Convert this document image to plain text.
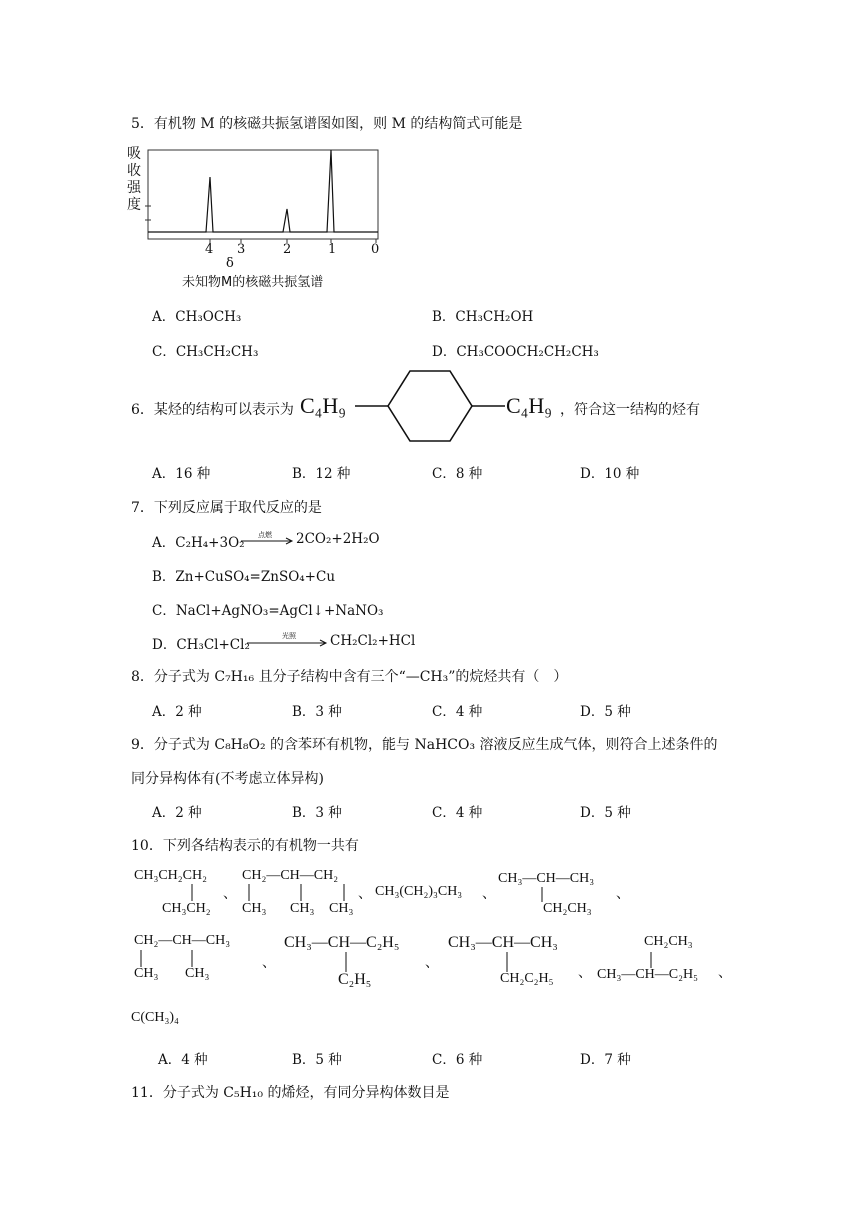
5．有机物 M 的核磁共振氢谱图如图，则 M 的结构简式可能是
吸
收
强
度
4 3	2	1	0
δ
未知物M的核磁共振氢谱
A．CH₃OCH₃	B．CH₃CH₂OH
C．CH₃CH₂CH₃	D．CH₃COOCH₂CH₂CH₃
6．某烃的结构可以表示为 C₄H₉	C₄H₉ ，符合这一结构的烃有
A．16 种	B．12 种	C．8 种	D．10 种
7．下列反应属于取代反应的是
A．C₂H₄+3O₂ 点燃 2CO₂+2H₂O
B．Zn+CuSO₄=ZnSO₄+Cu
C．NaCl+AgNO₃=AgCl↓+NaNO₃
D．CH₃Cl+Cl₂
光照	CH₂Cl₂+HCl
8．分子式为 C₇H₁₆ 且分子结构中含有三个“—CH₃”的烷烃共有（　）
A．2 种	B．3 种	C．4 种	D．5 种
9．分子式为 C₈H₈O₂ 的含苯环有机物，能与 NaHCO₃ 溶液反应生成气体，则符合上述条件的
同分异构体有(不考虑立体异构)
A．2 种	B．3 种	C．4 种	D．5 种
10．下列各结构表示的有机物一共有
CH₃CH₂CH₂
CH₃CH₂
、
CH₂—CH—CH₂
CH₃ CH₃ CH₃
、 CH₃(CH₂)₃CH₃ 、
CH₃—CH—CH₃
CH₂CH₃
、
CH₂—CH—CH₃
CH₃ CH₃
、
CH₃—CH—C₂H₅
C₂H₅
、
CH₃—CH—CH₃
CH₂C₂H₅ 、
CH₂CH₃
CH₃—CH—C₂H₅ 、
C(CH₃)₄
A．4 种	B．5 种	C．6 种	D．7 种
11．分子式为 C₅H₁₀ 的烯烃，有同分异构体数目是
